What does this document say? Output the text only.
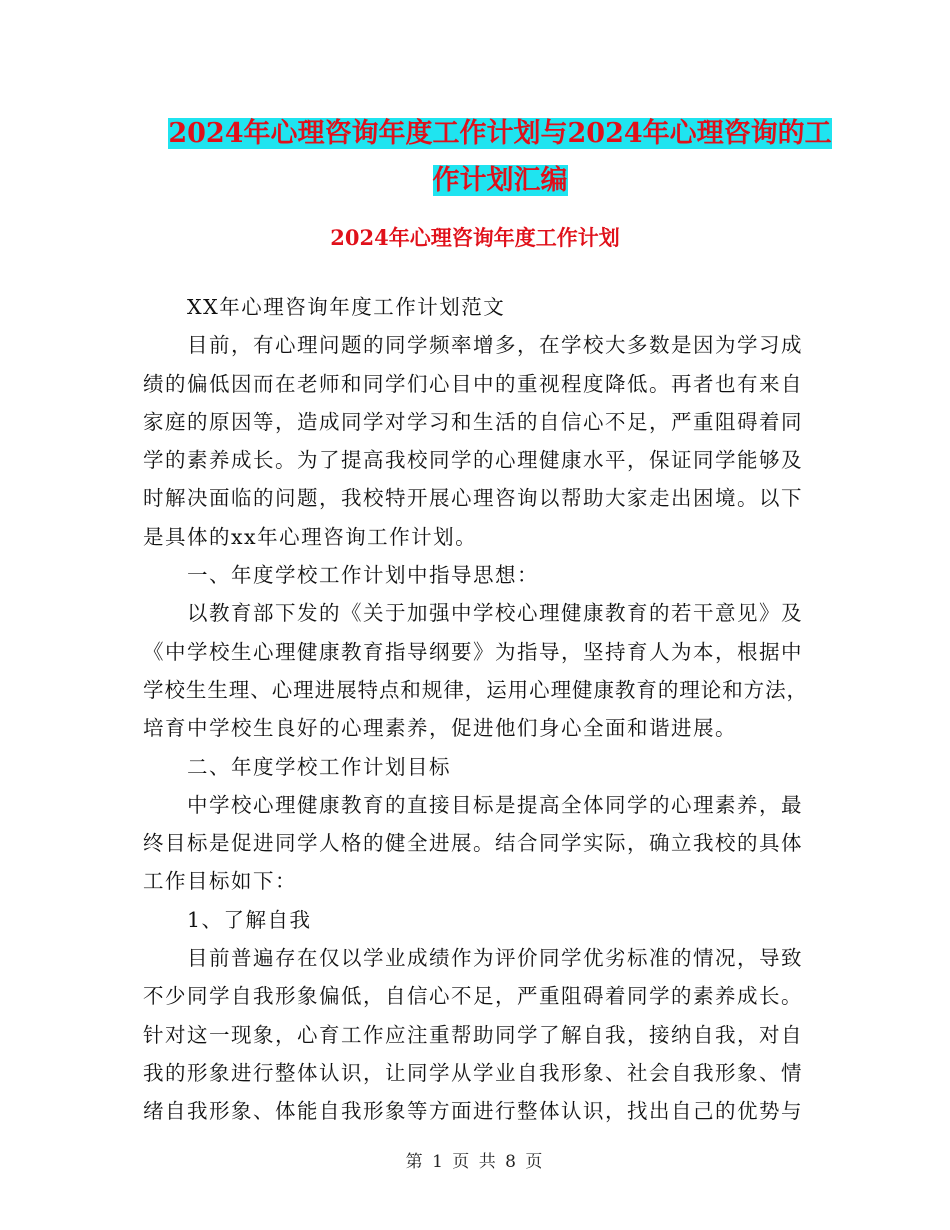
2024年心理咨询年度工作计划与2024年心理咨询的工
作计划汇编
2024年心理咨询年度工作计划

XX年心理咨询年度工作计划范文
目前，有心理问题的同学频率增多，在学校大多数是因为学习成
绩的偏低因而在老师和同学们心目中的重视程度降低。再者也有来自
家庭的原因等，造成同学对学习和生活的自信心不足，严重阻碍着同
学的素养成长。为了提高我校同学的心理健康水平，保证同学能够及
时解决面临的问题，我校特开展心理咨询以帮助大家走出困境。以下
是具体的xx年心理咨询工作计划。
一、年度学校工作计划中指导思想：
以教育部下发的《关于加强中学校心理健康教育的若干意见》及
《中学校生心理健康教育指导纲要》为指导，坚持育人为本，根据中
学校生生理、心理进展特点和规律，运用心理健康教育的理论和方法，
培育中学校生良好的心理素养，促进他们身心全面和谐进展。
二、年度学校工作计划目标
中学校心理健康教育的直接目标是提高全体同学的心理素养，最
终目标是促进同学人格的健全进展。结合同学实际，确立我校的具体
工作目标如下：
1、了解自我
目前普遍存在仅以学业成绩作为评价同学优劣标准的情况，导致
不少同学自我形象偏低，自信心不足，严重阻碍着同学的素养成长。
针对这一现象，心育工作应注重帮助同学了解自我，接纳自我，对自
我的形象进行整体认识，让同学从学业自我形象、社会自我形象、情
绪自我形象、体能自我形象等方面进行整体认识，找出自己的优势与

第 1 页 共 8 页
